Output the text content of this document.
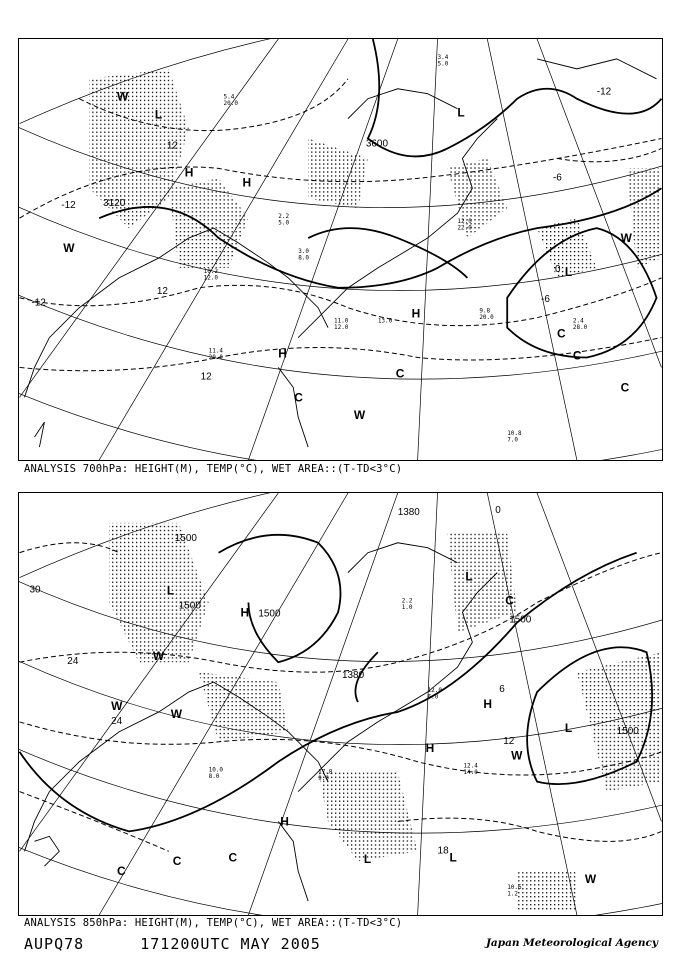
3120
3600
-12
-12
-12
12
12
12
-6
-6
0
H
H
H
H
L	L
L
W
W
W
W
C
C
C
C
C
5.4 20.0
3.4 5.0
10.2 12.0
2.2 5.0
11.4 20.0
12.0 22.0
13.0
9.8 20.0	2.4 28.0
10.8 7.0
3.0 8.0
11.0 12.0
ANALYSIS 700hPa: HEIGHT(M), TEMP(°C), WET AREA::(T-TD<3°C)
1500
1500
1500
1500
1500
1380
1380
30
24
24
18
12
6
0
H
H
H
H
L
L
L
L	L
W
W
W
W
W
C
C	C
C
12.4 14.0
10.6 1.2
17.8 9.0
12.0 6.0
10.0 8.0
2.2 1.0
ANALYSIS 850hPa: HEIGHT(M), TEMP(°C), WET AREA::(T-TD<3°C)
AUPQ78	171200UTC MAY 2005	Japan Meteorological Agency
